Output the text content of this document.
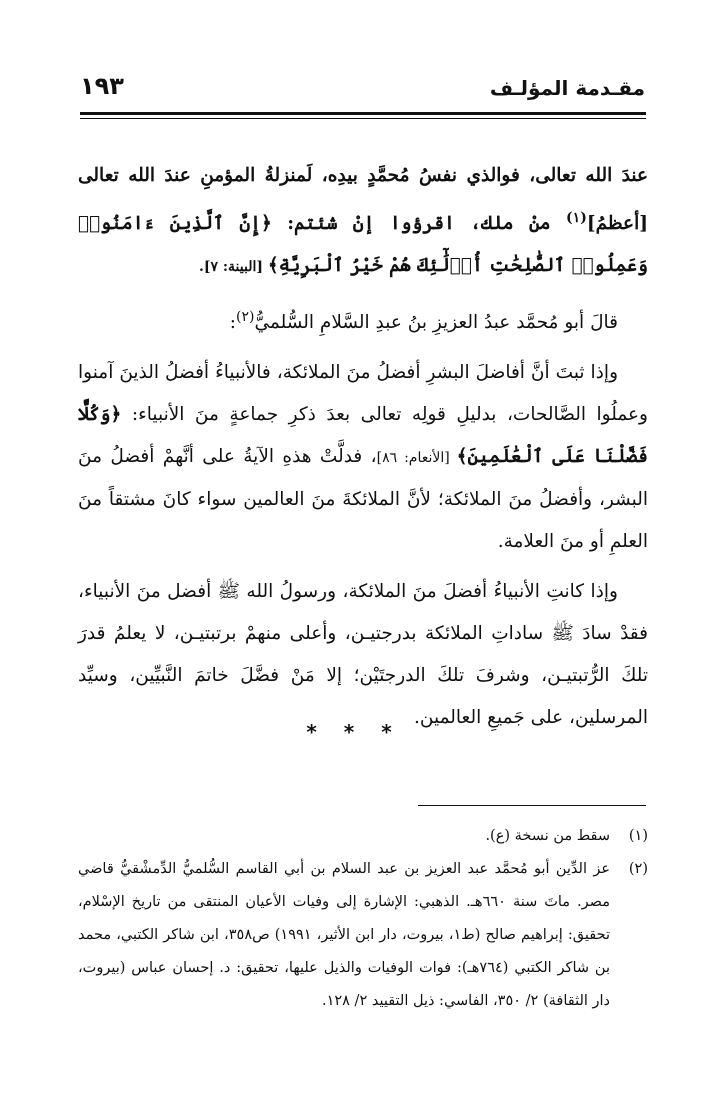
مقـدمة المؤلـف
١٩٣

عندَ الله تعالى، فوالذي نفسُ مُحمَّدٍ بيدِه، لَمنزلةُ المؤمنِ عندَ الله تعالى [أعظمُ]$^{(١)}$ منْ ملك، اقرؤوا إنْ شئتم: ﴿إِنَّ ٱلَّذِينَ ءَامَنُوا۟ وَعَمِلُوا۟ ٱلصَّٰلِحَٰتِ أُو۟لَٰٓئِكَ هُمْ خَيْرُ ٱلْبَرِيَّةِ﴾ [البينة: ٧].

قالَ أبو مُحمَّد عبدُ العزيزِ بنُ عبدِ السَّلامِ السُّلميُّ$^{(٢)}$:

وإذا ثبتَ أنَّ أفاضلَ البشرِ أفضلُ منَ الملائكة، فالأنبياءُ أفضلُ الذينَ آمنوا وعملُوا الصَّالحات، بدليلِ قولِه تعالى بعدَ ذكرِ جماعةٍ منَ الأنبياء: ﴿وَكُلًّا فَضَّلْنَا عَلَى ٱلْعَٰلَمِينَ﴾ [الأنعام: ٨٦]، فدلَّتْ هذهِ الآيةُ على أنَّهمْ أفضلُ منَ البشر، وأفضلُ منَ الملائكة؛ لأنَّ الملائكةَ منَ العالمين سواء كانَ مشتقاً منَ العلمِ أو منَ العلامة.

وإذا كانتِ الأنبياءُ أفضلَ منَ الملائكة، ورسولُ الله ﷺ أفضل منَ الأنبياء، فقدْ سادَ ﷺ ساداتِ الملائكة بدرجتيـن، وأعلى منهمْ برتبتيـن، لا يعلمُ قدرَ تلكَ الرُّتبتيـن، وشرفَ تلكَ الدرجتَيْن؛ إلا مَنْ فضَّلَ خاتمَ النَّبيِّين، وسيِّد المرسلين، على جَميعِ العالمين.

* * *

(١)
سقط من نسخة (ع).

(٢)
عز الدِّين أبو مُحمَّد عبد العزيز بن عبد السلام بن أبي القاسم السُّلميُّ الدِّمشْقيُّ قاضي مصر. ماتَ سنة ٦٦٠هـ. الذهبي: الإشارة إلى وفيات الأعيان المنتقى من تاريخ الإسْلام، تحقيق: إبراهيم صالح (ط١، بيروت، دار ابن الأثير، ١٩٩١) ص٣٥٨، ابن شاكر الكتبي، محمد بن شاكر الكتبي (٧٦٤هـ): فوات الوفيات والذيل عليها، تحقيق: د. إحسان عباس (بيروت، دار الثقافة) ٢/ ٣٥٠، الفاسي: ذيل التقييد ٢/ ١٢٨.
